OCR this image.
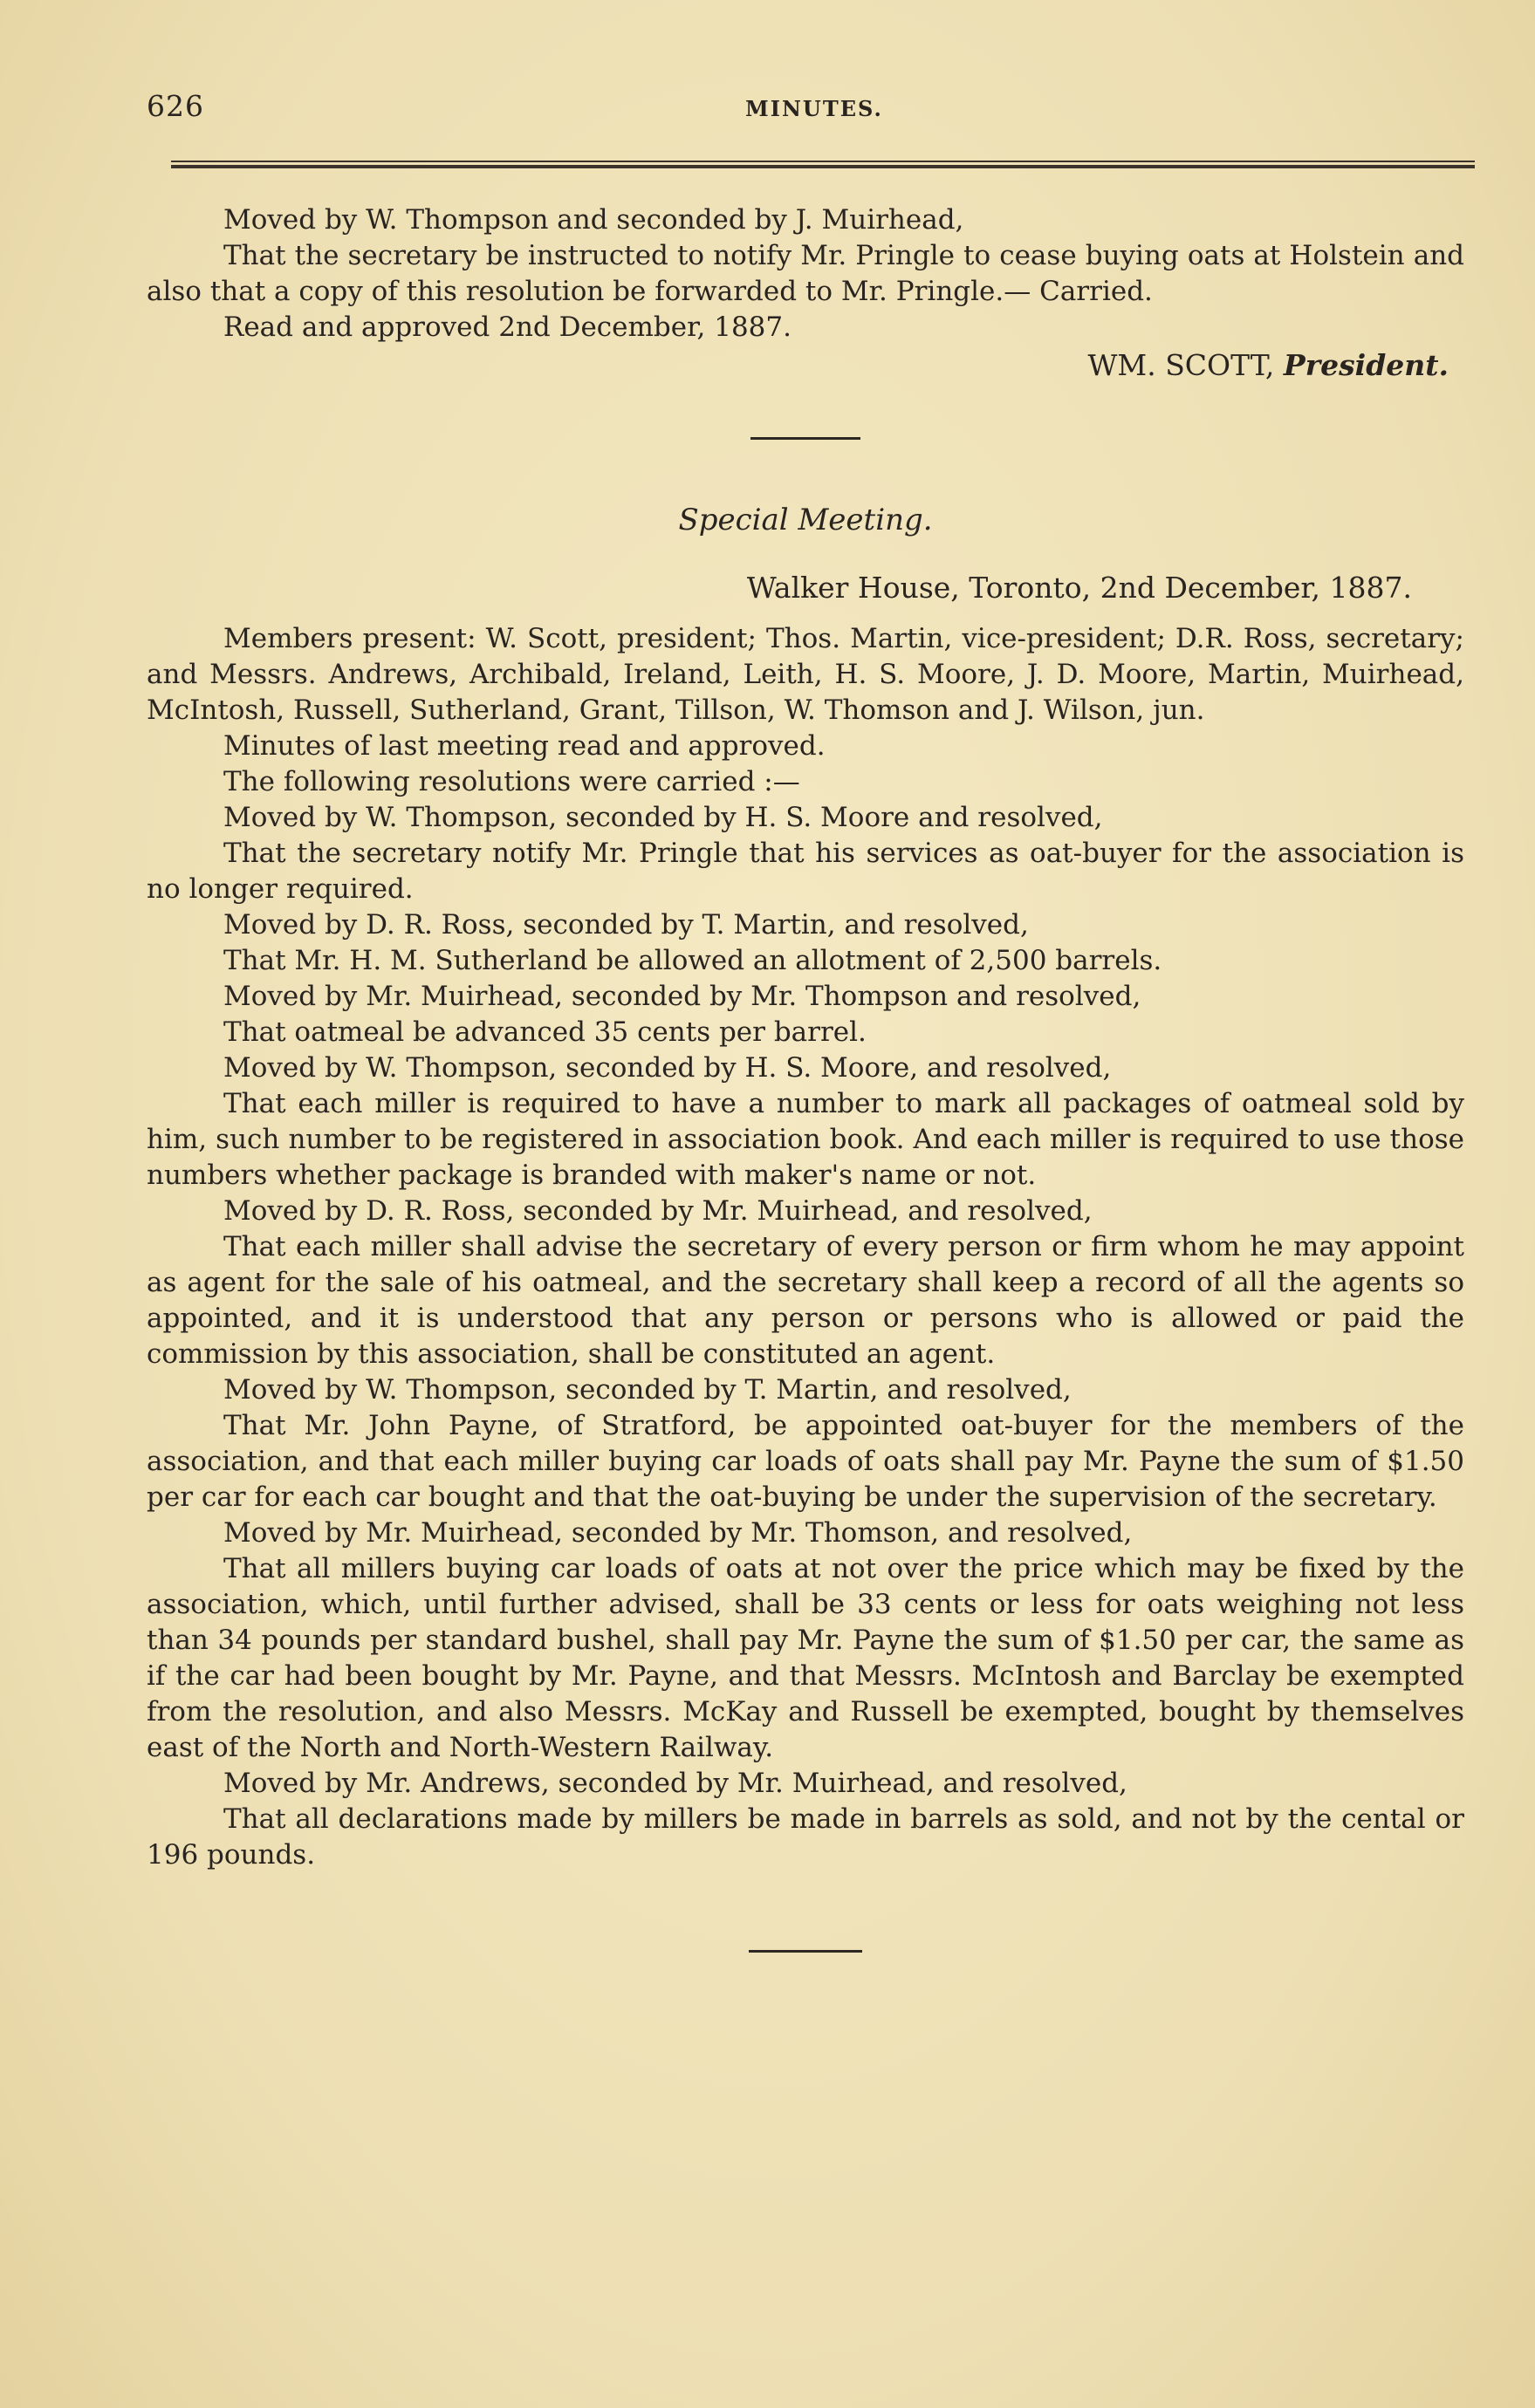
626	MINUTES.

Moved by W. Thompson and seconded by J. Muirhead,

That the secretary be instructed to notify Mr. Pringle to cease buying oats at Holstein and also that a copy of this resolution be forwarded to Mr. Pringle.— Carried.

Read and approved 2nd December, 1887.

WM. SCOTT, President.

Special Meeting.

Walker House, Toronto, 2nd December, 1887.

Members present: W. Scott, president; Thos. Martin, vice-president; D.R. Ross, secretary; and Messrs. Andrews, Archibald, Ireland, Leith, H. S. Moore, J. D. Moore, Martin, Muirhead, McIntosh, Russell, Sutherland, Grant, Tillson, W. Thomson and J. Wilson, jun.

Minutes of last meeting read and approved.

The following resolutions were carried :—

Moved by W. Thompson, seconded by H. S. Moore and resolved,

That the secretary notify Mr. Pringle that his services as oat-buyer for the association is no longer required.

Moved by D. R. Ross, seconded by T. Martin, and resolved,

That Mr. H. M. Sutherland be allowed an allotment of 2,500 barrels.

Moved by Mr. Muirhead, seconded by Mr. Thompson and resolved,

That oatmeal be advanced 35 cents per barrel.

Moved by W. Thompson, seconded by H. S. Moore, and resolved,

That each miller is required to have a number to mark all packages of oatmeal sold by him, such number to be registered in association book. And each miller is required to use those numbers whether package is branded with maker's name or not.

Moved by D. R. Ross, seconded by Mr. Muirhead, and resolved,

That each miller shall advise the secretary of every person or firm whom he may appoint as agent for the sale of his oatmeal, and the secretary shall keep a record of all the agents so appointed, and it is understood that any person or persons who is allowed or paid the commission by this association, shall be constituted an agent.

Moved by W. Thompson, seconded by T. Martin, and resolved,

That Mr. John Payne, of Stratford, be appointed oat-buyer for the members of the association, and that each miller buying car loads of oats shall pay Mr. Payne the sum of $1.50 per car for each car bought and that the oat-buying be under the supervision of the secretary.

Moved by Mr. Muirhead, seconded by Mr. Thomson, and resolved,

That all millers buying car loads of oats at not over the price which may be fixed by the association, which, until further advised, shall be 33 cents or less for oats weighing not less than 34 pounds per standard bushel, shall pay Mr. Payne the sum of $1.50 per car, the same as if the car had been bought by Mr. Payne, and that Messrs. McIntosh and Barclay be exempted from the resolution, and also Messrs. McKay and Russell be exempted, bought by themselves east of the North and North-Western Railway.

Moved by Mr. Andrews, seconded by Mr. Muirhead, and resolved,

That all declarations made by millers be made in barrels as sold, and not by the cental or 196 pounds.
